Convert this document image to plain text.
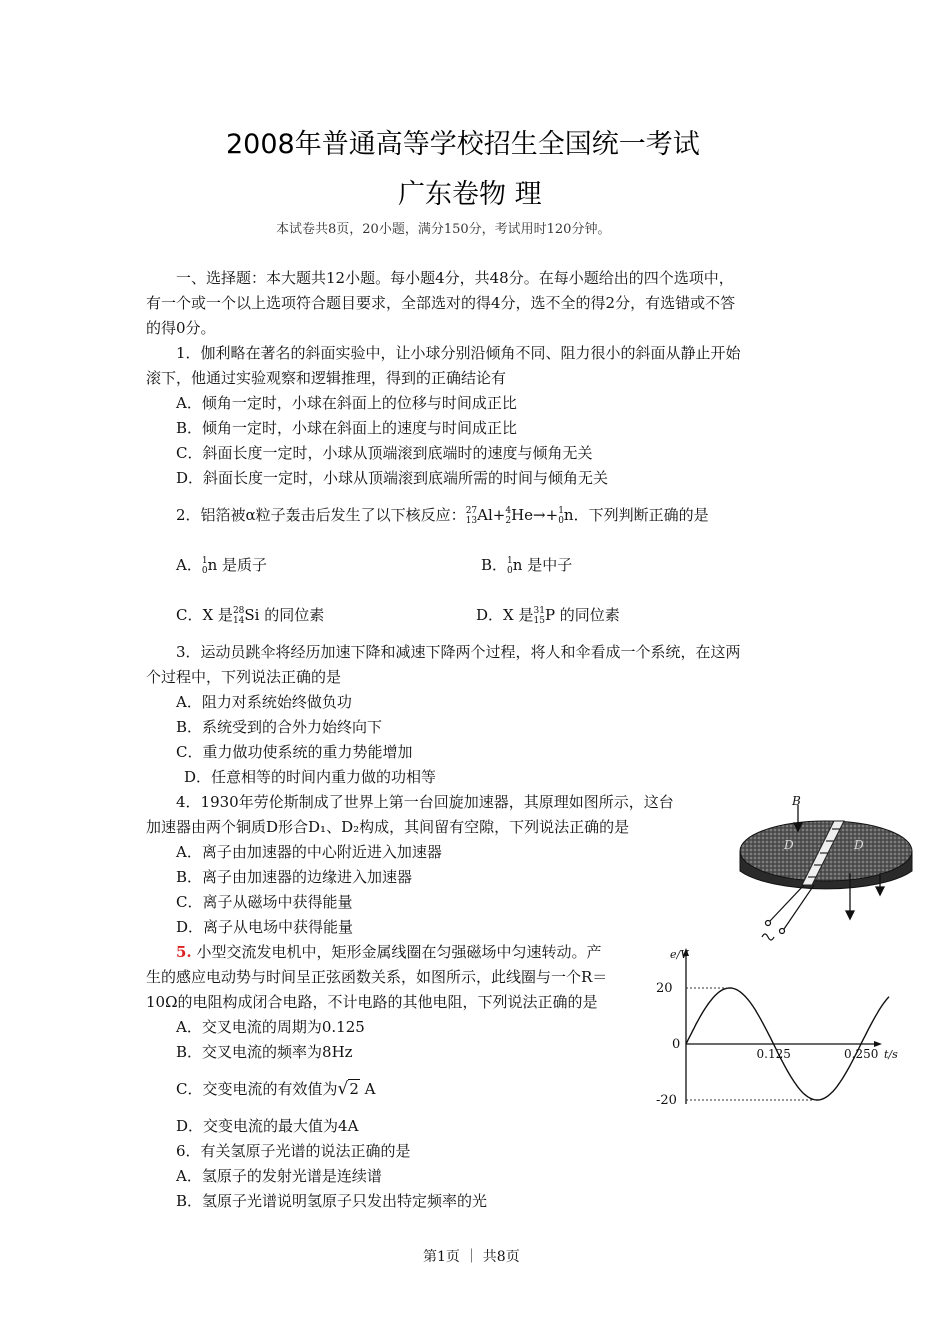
2008年普通高等学校招生全国统一考试
广东卷物 理
本试卷共8页，20小题，满分150分，考试用时120分钟。
一、选择题：本大题共12小题。每小题4分，共48分。在每小题给出的四个选项中，
有一个或一个以上选项符合题目要求，全部选对的得4分，选不全的得2分，有选错或不答
的得0分。
1．伽利略在著名的斜面实验中，让小球分别沿倾角不同、阻力很小的斜面从静止开始
滚下，他通过实验观察和逻辑推理，得到的正确结论有
A．倾角一定时，小球在斜面上的位移与时间成正比
B．倾角一定时，小球在斜面上的速度与时间成正比
C．斜面长度一定时，小球从顶端滚到底端时的速度与倾角无关
D．斜面长度一定时，小球从顶端滚到底端所需的时间与倾角无关
2．铝箔被α粒子轰击后发生了以下核反应： 27
13 Al+ 4
2 He→+ 1
0 n．下列判断正确的是
A． 1
0 n 是质子	B． 1
0 n 是中子
C．X 是 28
14 Si 的同位素	D．X 是 31
15 P 的同位素
3．运动员跳伞将经历加速下降和减速下降两个过程，将人和伞看成一个系统，在这两
个过程中，下列说法正确的是
A．阻力对系统始终做负功
B．系统受到的合外力始终向下
C．重力做功使系统的重力势能增加
D．任意相等的时间内重力做的功相等
4．1930年劳伦斯制成了世界上第一台回旋加速器，其原理如图所示，这台
加速器由两个铜质D形合D₁、D₂构成，其间留有空隙，下列说法正确的是
A．离子由加速器的中心附近进入加速器
B．离子由加速器的边缘进入加速器
C．离子从磁场中获得能量
D．离子从电场中获得能量
B
D	D
5. 小型交流发电机中，矩形金属线圈在匀强磁场中匀速转动。产
生的感应电动势与时间呈正弦函数关系，如图所示，此线圈与一个R＝
10Ω的电阻构成闭合电路，不计电路的其他电阻，下列说法正确的是
A．交叉电流的周期为0.125
B．交叉电流的频率为8Hz
C．交变电流的有效值为√2 A
D．交变电流的最大值为4A
e/V
t/s
0
20
-20
0.125	0.250
6．有关氢原子光谱的说法正确的是
A．氢原子的发射光谱是连续谱
B．氢原子光谱说明氢原子只发出特定频率的光
第1页 ｜ 共8页
